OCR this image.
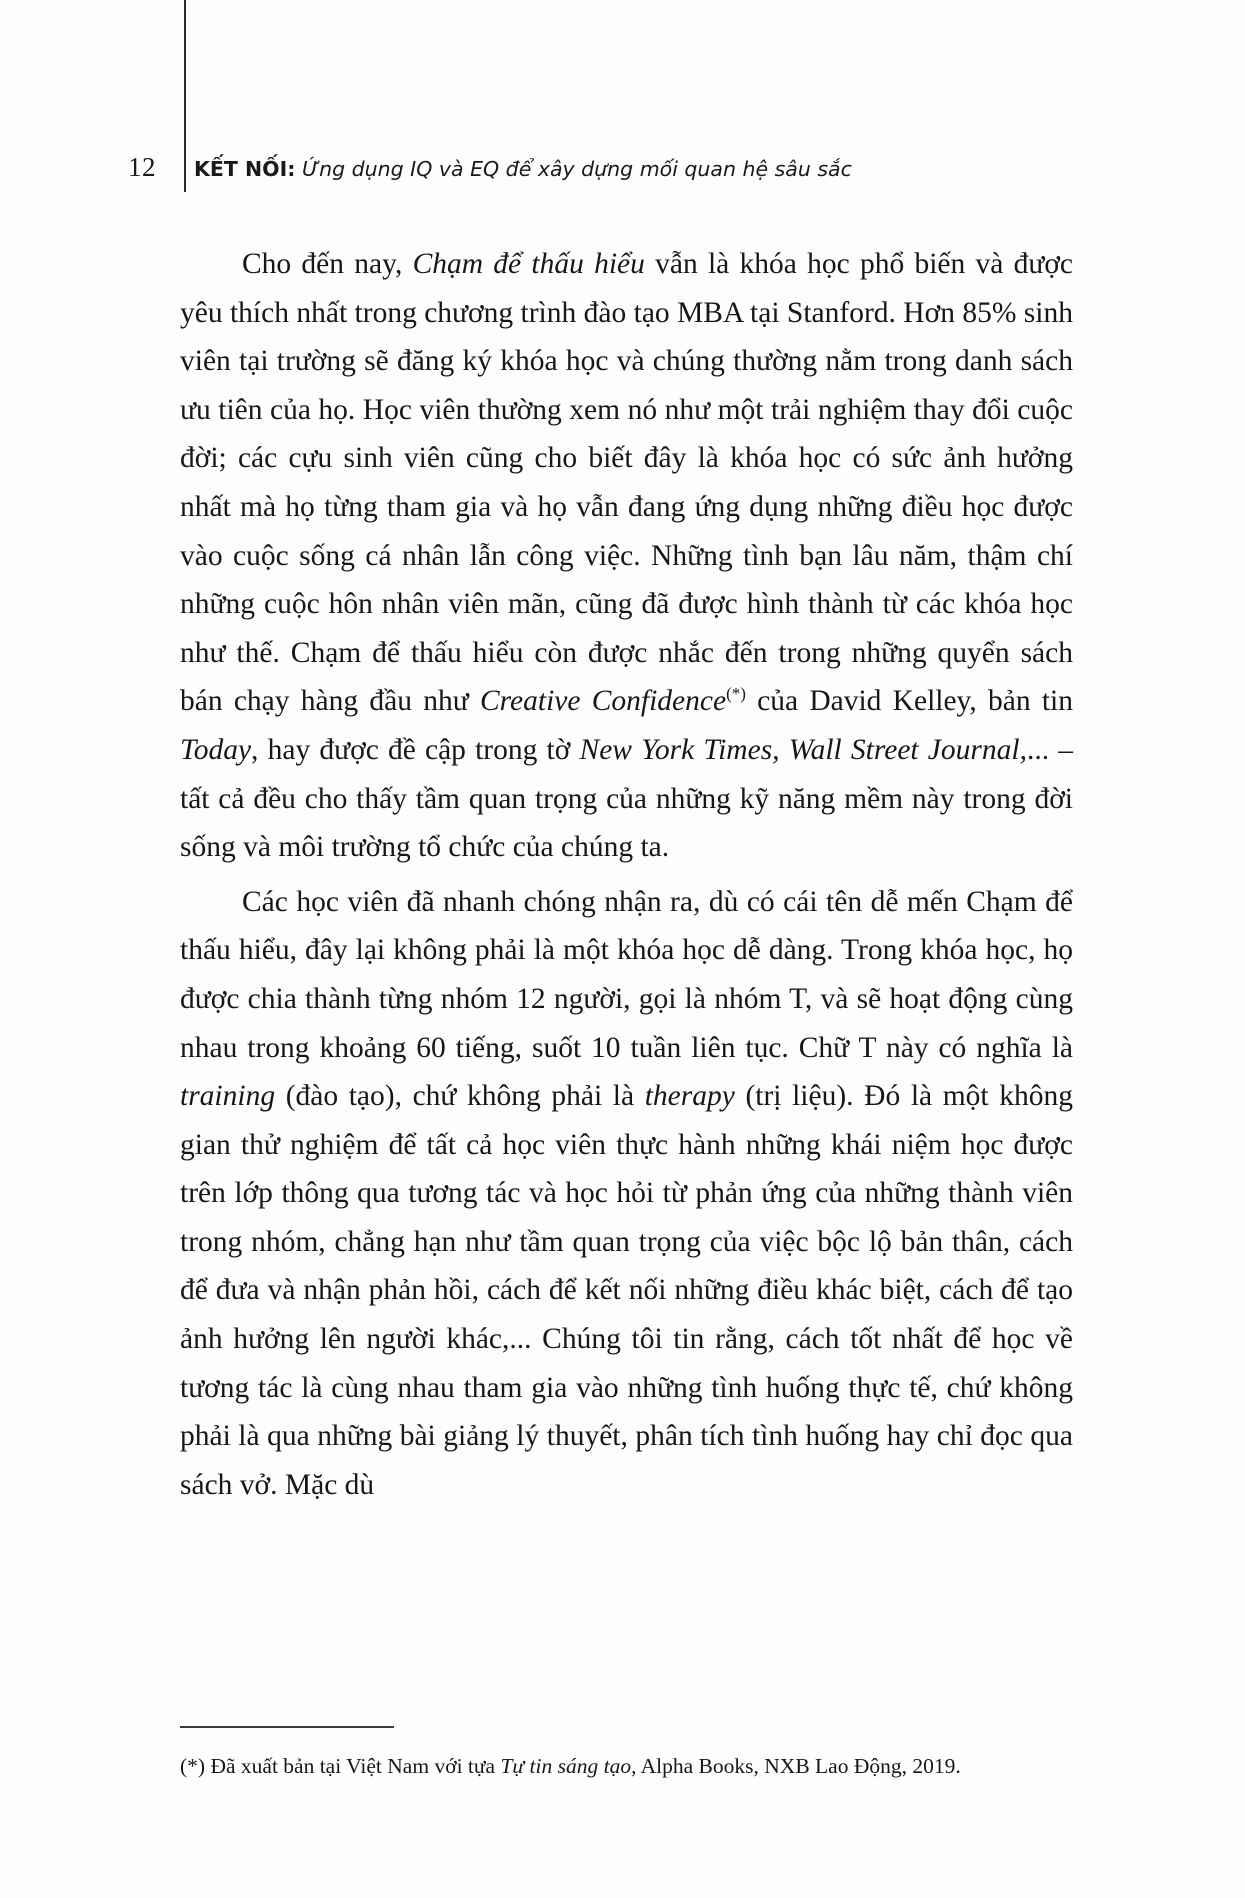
12	KẾT NỐI: Ứng dụng IQ và EQ để xây dựng mối quan hệ sâu sắc

Cho đến nay, Chạm để thấu hiểu vẫn là khóa học phổ biến và được yêu thích nhất trong chương trình đào tạo MBA tại Stanford. Hơn 85% sinh viên tại trường sẽ đăng ký khóa học và chúng thường nằm trong danh sách ưu tiên của họ. Học viên thường xem nó như một trải nghiệm thay đổi cuộc đời; các cựu sinh viên cũng cho biết đây là khóa học có sức ảnh hưởng nhất mà họ từng tham gia và họ vẫn đang ứng dụng những điều học được vào cuộc sống cá nhân lẫn công việc. Những tình bạn lâu năm, thậm chí những cuộc hôn nhân viên mãn, cũng đã được hình thành từ các khóa học như thế. Chạm để thấu hiểu còn được nhắc đến trong những quyển sách bán chạy hàng đầu như Creative Confidence(*) của David Kelley, bản tin Today, hay được đề cập trong tờ New York Times, Wall Street Journal,... – tất cả đều cho thấy tầm quan trọng của những kỹ năng mềm này trong đời sống và môi trường tổ chức của chúng ta.

Các học viên đã nhanh chóng nhận ra, dù có cái tên dễ mến Chạm để thấu hiểu, đây lại không phải là một khóa học dễ dàng. Trong khóa học, họ được chia thành từng nhóm 12 người, gọi là nhóm T, và sẽ hoạt động cùng nhau trong khoảng 60 tiếng, suốt 10 tuần liên tục. Chữ T này có nghĩa là training (đào tạo), chứ không phải là therapy (trị liệu). Đó là một không gian thử nghiệm để tất cả học viên thực hành những khái niệm học được trên lớp thông qua tương tác và học hỏi từ phản ứng của những thành viên trong nhóm, chẳng hạn như tầm quan trọng của việc bộc lộ bản thân, cách để đưa và nhận phản hồi, cách để kết nối những điều khác biệt, cách để tạo ảnh hưởng lên người khác,... Chúng tôi tin rằng, cách tốt nhất để học về tương tác là cùng nhau tham gia vào những tình huống thực tế, chứ không phải là qua những bài giảng lý thuyết, phân tích tình huống hay chỉ đọc qua sách vở. Mặc dù

(*) Đã xuất bản tại Việt Nam với tựa Tự tin sáng tạo, Alpha Books, NXB Lao Động, 2019.
